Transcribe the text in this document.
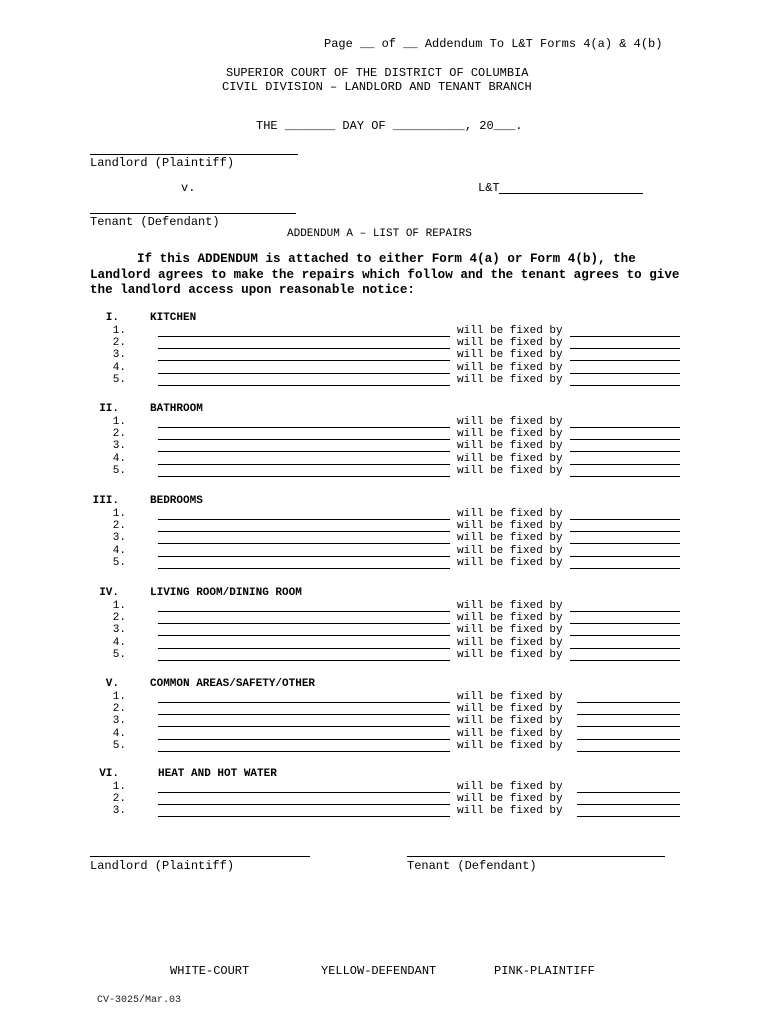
Page __ of __ Addendum To L&T Forms 4(a) & 4(b)
SUPERIOR COURT OF THE DISTRICT OF COLUMBIA
CIVIL DIVISION – LANDLORD AND TENANT BRANCH
THE _______ DAY OF __________, 20___.
Landlord (Plaintiff)
v.	L&T
Tenant (Defendant)
ADDENDUM A – LIST OF REPAIRS
If this ADDENDUM is attached to either Form 4(a) or Form 4(b), the Landlord agrees to make the repairs which follow and the tenant agrees to give the landlord access upon reasonable notice:
I.	KITCHEN
1.	will be fixed by
2.	will be fixed by
3.	will be fixed by
4.	will be fixed by
5.	will be fixed by
II.	BATHROOM
1.	will be fixed by
2.	will be fixed by
3.	will be fixed by
4.	will be fixed by
5.	will be fixed by
III.	BEDROOMS
1.	will be fixed by
2.	will be fixed by
3.	will be fixed by
4.	will be fixed by
5.	will be fixed by
IV.	LIVING ROOM/DINING ROOM
1.	will be fixed by
2.	will be fixed by
3.	will be fixed by
4.	will be fixed by
5.	will be fixed by
V.	COMMON AREAS/SAFETY/OTHER
1.	will be fixed by
2.	will be fixed by
3.	will be fixed by
4.	will be fixed by
5.	will be fixed by
VI.	HEAT AND HOT WATER
1.	will be fixed by
2.	will be fixed by
3.	will be fixed by
Landlord (Plaintiff)	Tenant (Defendant)
WHITE-COURT	YELLOW-DEFENDANT	PINK-PLAINTIFF
CV-3025/Mar.03
